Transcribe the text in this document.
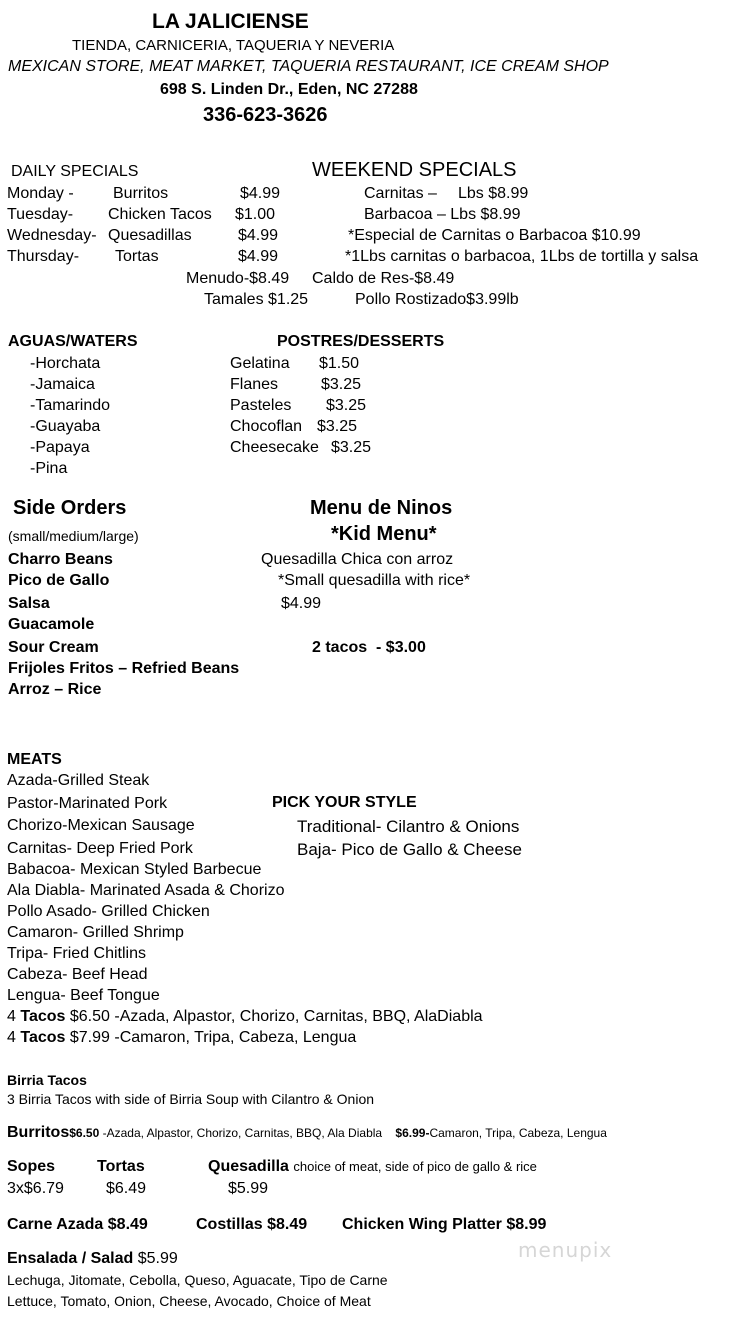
LA JALICIENSE
TIENDA, CARNICERIA, TAQUERIA Y NEVERIA
MEXICAN STORE, MEAT MARKET, TAQUERIA RESTAURANT, ICE CREAM SHOP
698 S. Linden Dr., Eden, NC 27288
336-623-3626
DAILY SPECIALS
Monday - Burritos	$4.99
Tuesday- Chicken Tacos $1.00
Wednesday- Quesadillas	$4.99
Thursday- Tortas	$4.99
WEEKEND SPECIALS
Carnitas – Lbs $8.99
Barbacoa – Lbs $8.99
*Especial de Carnitas o Barbacoa $10.99
*1Lbs carnitas o barbacoa, 1Lbs de tortilla y salsa
Menudo-$8.49 Caldo de Res-$8.49
Tamales $1.25	Pollo Rostizado$3.99lb
AGUAS/WATERS
-Horchata
-Jamaica
-Tamarindo
-Guayaba
-Papaya
-Pina
POSTRES/DESSERTS
Gelatina $1.50
Flanes	$3.25
Pasteles $3.25
Chocoflan $3.25
Cheesecake $3.25
Side Orders
(small/medium/large)
Charro Beans
Pico de Gallo
Salsa
Guacamole
Sour Cream
Frijoles Fritos – Refried Beans
Arroz – Rice
Menu de Ninos
*Kid Menu*
Quesadilla Chica con arroz
*Small quesadilla with rice*
$4.99
2 tacos  - $3.00
MEATS
Azada-Grilled Steak
Pastor-Marinated Pork
Chorizo-Mexican Sausage
Carnitas- Deep Fried Pork
Babacoa- Mexican Styled Barbecue
Ala Diabla- Marinated Asada & Chorizo
Pollo Asado- Grilled Chicken
Camaron- Grilled Shrimp
Tripa- Fried Chitlins
Cabeza- Beef Head
Lengua- Beef Tongue
4 Tacos $6.50 -Azada, Alpastor, Chorizo, Carnitas, BBQ, AlaDiabla
4 Tacos $7.99 -Camaron, Tripa, Cabeza, Lengua
PICK YOUR STYLE
Traditional- Cilantro & Onions
Baja- Pico de Gallo & Cheese
Birria Tacos
3 Birria Tacos with side of Birria Soup with Cilantro & Onion
Burritos$6.50 -Azada, Alpastor, Chorizo, Carnitas, BBQ, Ala Diabla $6.99-Camaron, Tripa, Cabeza, Lengua
Sopes
3x$6.79
Tortas
$6.49
Quesadilla choice of meat, side of pico de gallo & rice
$5.99
Carne Azada $8.49	Costillas $8.49 Chicken Wing Platter $8.99
Ensalada / Salad $5.99
Lechuga, Jitomate, Cebolla, Queso, Aguacate, Tipo de Carne
Lettuce, Tomato, Onion, Cheese, Avocado, Choice of Meat
menupix
